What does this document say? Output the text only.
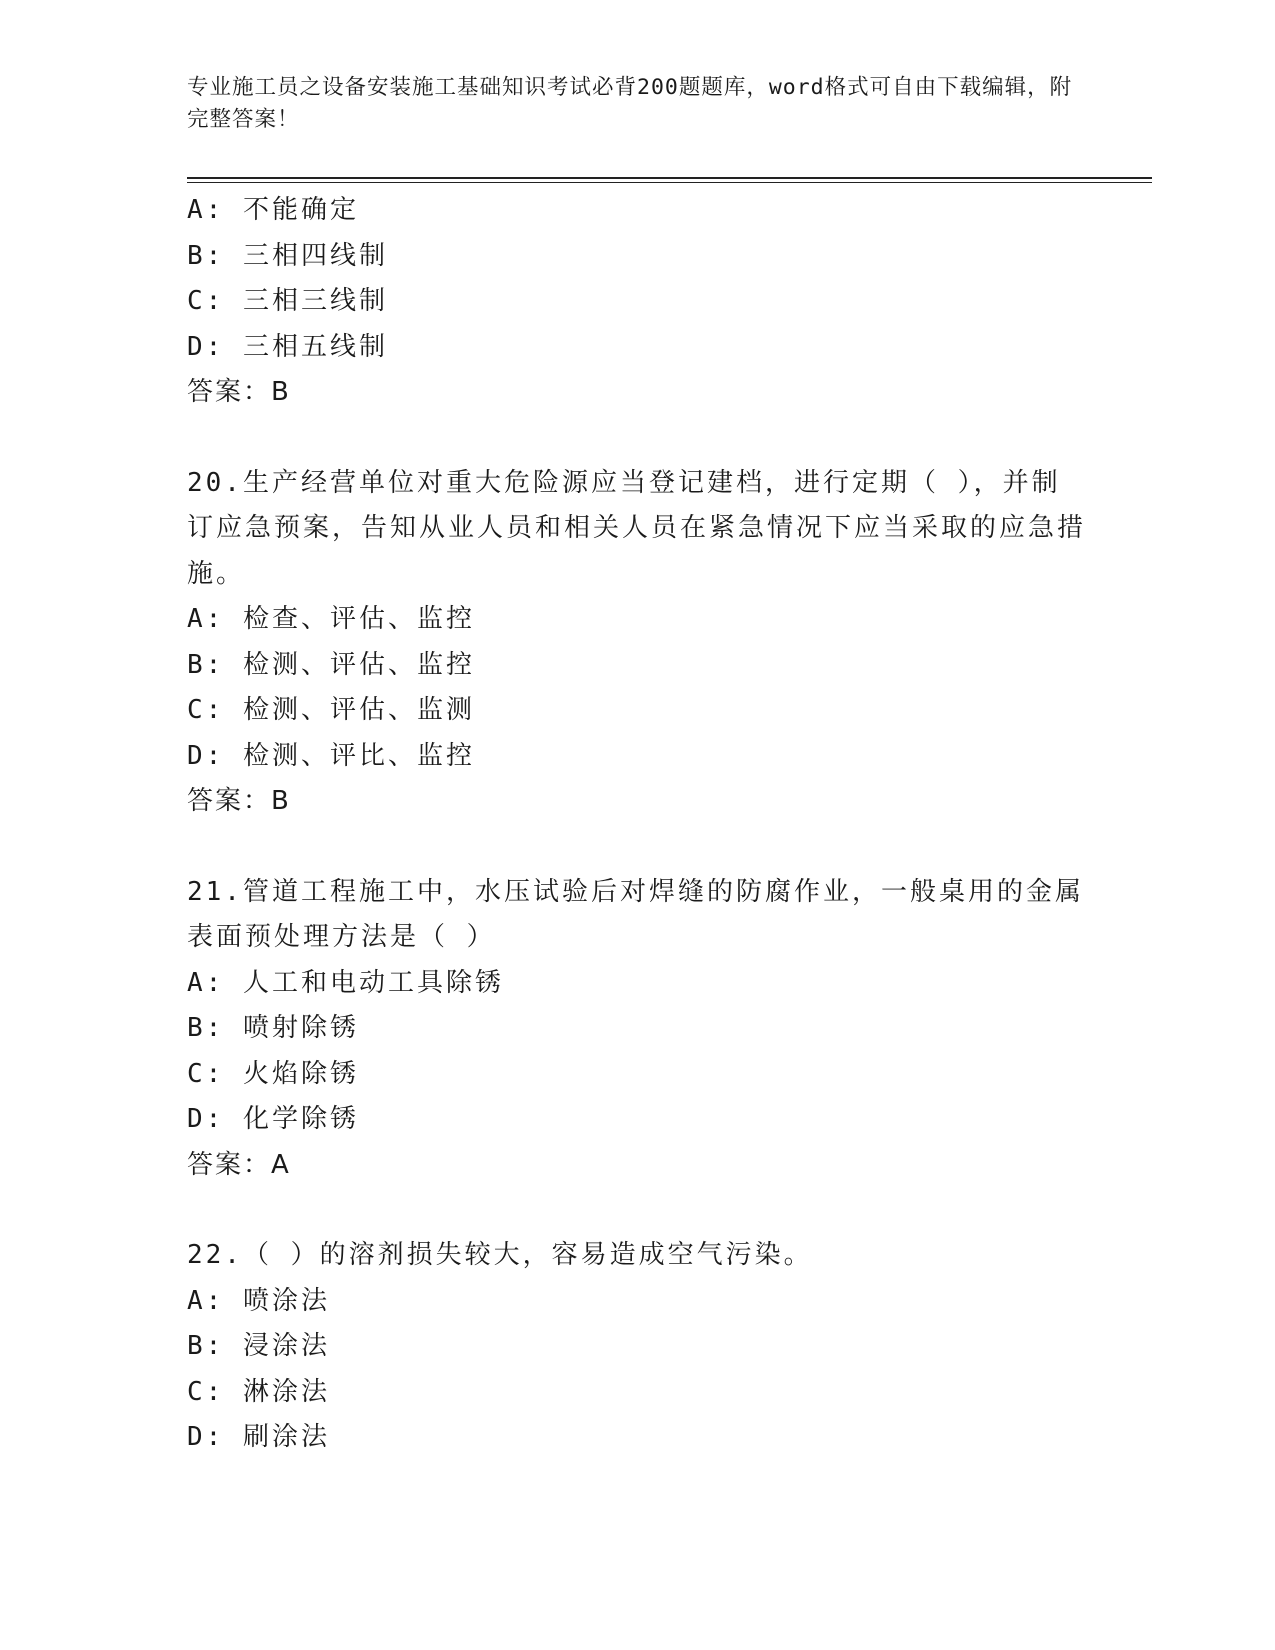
专业施工员之设备安装施工基础知识考试必背200题题库，word格式可自由下载编辑，附完整答案！
A: 不能确定
B: 三相四线制
C: 三相三线制
D: 三相五线制
答案：B
20.生产经营单位对重大危险源应当登记建档，进行定期（ ），并制订应急预案，告知从业人员和相关人员在紧急情况下应当采取的应急措施。
A: 检查、评估、监控
B: 检测、评估、监控
C: 检测、评估、监测
D: 检测、评比、监控
答案：B
21.管道工程施工中，水压试验后对焊缝的防腐作业，一般桌用的金属表面预处理方法是（ ）
A: 人工和电动工具除锈
B: 喷射除锈
C: 火焰除锈
D: 化学除锈
答案：A
22.（ ）的溶剂损失较大，容易造成空气污染。
A: 喷涂法
B: 浸涂法
C: 淋涂法
D: 刷涂法
